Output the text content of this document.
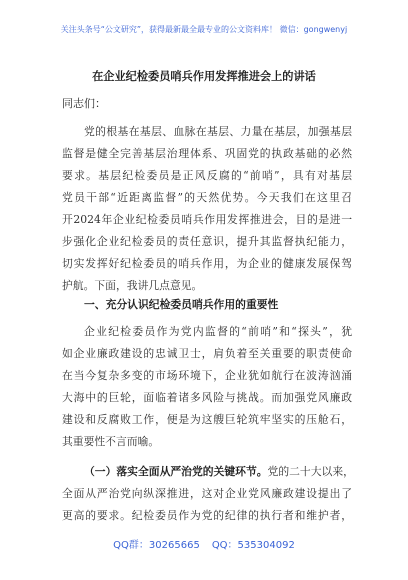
关注头条号“公文研究”，获得最新最全最专业的公文资料库！ 微信：gongwenyj
在企业纪检委员哨兵作用发挥推进会上的讲话
同志们：
党的根基在基层、血脉在基层、力量在基层，加强基层
监督是健全完善基层治理体系、巩固党的执政基础的必然
要求。基层纪检委员是正风反腐的“前哨”，具有对基层
党员干部“近距离监督”的天然优势。今天我们在这里召
开2024年企业纪检委员哨兵作用发挥推进会，目的是进一
步强化企业纪检委员的责任意识，提升其监督执纪能力，
切实发挥好纪检委员的哨兵作用，为企业的健康发展保驾
护航。下面，我讲几点意见。
一、充分认识纪检委员哨兵作用的重要性
企业纪检委员作为党内监督的“前哨”和“探头”，犹
如企业廉政建设的忠诚卫士，肩负着至关重要的职责使命
在当今复杂多变的市场环境下，企业犹如航行在波涛汹涌
大海中的巨轮，面临着诸多风险与挑战。而加强党风廉政
建设和反腐败工作，便是为这艘巨轮筑牢坚实的压舱石，
其重要性不言而喻。
（一）落实全面从严治党的关键环节。党的二十大以来，
全面从严治党向纵深推进，这对企业党风廉政建设提出了
更高的要求。纪检委员作为党的纪律的执行者和维护者，
QQ群：30265665 QQ：535304092
